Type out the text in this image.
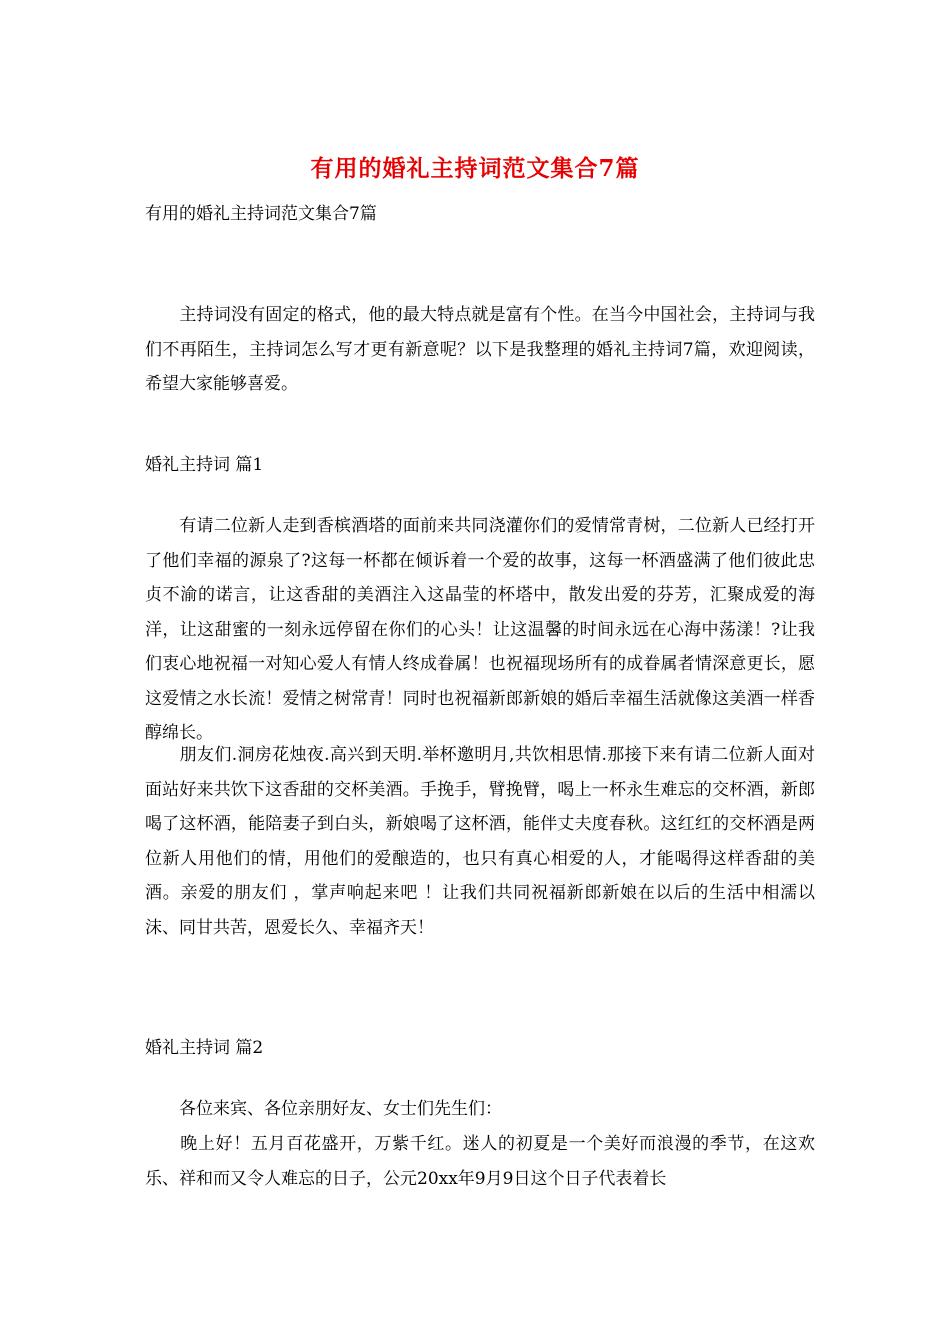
有用的婚礼主持词范文集合7篇
有用的婚礼主持词范文集合7篇

　　主持词没有固定的格式，他的最大特点就是富有个性。在当今中国社会，主持词与我们不再陌生，主持词怎么写才更有新意呢？以下是我整理的婚礼主持词7篇，欢迎阅读，希望大家能够喜爱。

婚礼主持词 篇1

　　有请二位新人走到香槟酒塔的面前来共同浇灌你们的爱情常青树，二位新人已经打开了他们幸福的源泉了?这每一杯都在倾诉着一个爱的故事，这每一杯酒盛满了他们彼此忠贞不渝的诺言，让这香甜的美酒注入这晶莹的杯塔中，散发出爱的芬芳，汇聚成爱的海洋，让这甜蜜的一刻永远停留在你们的心头！让这温馨的时间永远在心海中荡漾！?让我们衷心地祝福一对知心爱人有情人终成眷属！也祝福现场所有的成眷属者情深意更长，愿这爱情之水长流！爱情之树常青！同时也祝福新郎新娘的婚后幸福生活就像这美酒一样香醇绵长。

　　朋友们.洞房花烛夜.高兴到天明.举杯邀明月,共饮相思情.那接下来有请二位新人面对面站好来共饮下这香甜的交杯美酒。手挽手，臂挽臂，喝上一杯永生难忘的交杯酒，新郎喝了这杯酒，能陪妻子到白头，新娘喝了这杯酒，能伴丈夫度春秋。这红红的交杯酒是两位新人用他们的情，用他们的爱酿造的，也只有真心相爱的人，才能喝得这样香甜的美酒。亲爱的朋友们 ，掌声响起来吧 ！让我们共同祝福新郎新娘在以后的生活中相濡以沫、同甘共苦，恩爱长久、幸福齐天！

婚礼主持词 篇2

　　各位来宾、各位亲朋好友、女士们先生们：

　　晚上好！五月百花盛开，万紫千红。迷人的初夏是一个美好而浪漫的季节，在这欢乐、祥和而又令人难忘的日子，公元20xx年9月9日这个日子代表着长
